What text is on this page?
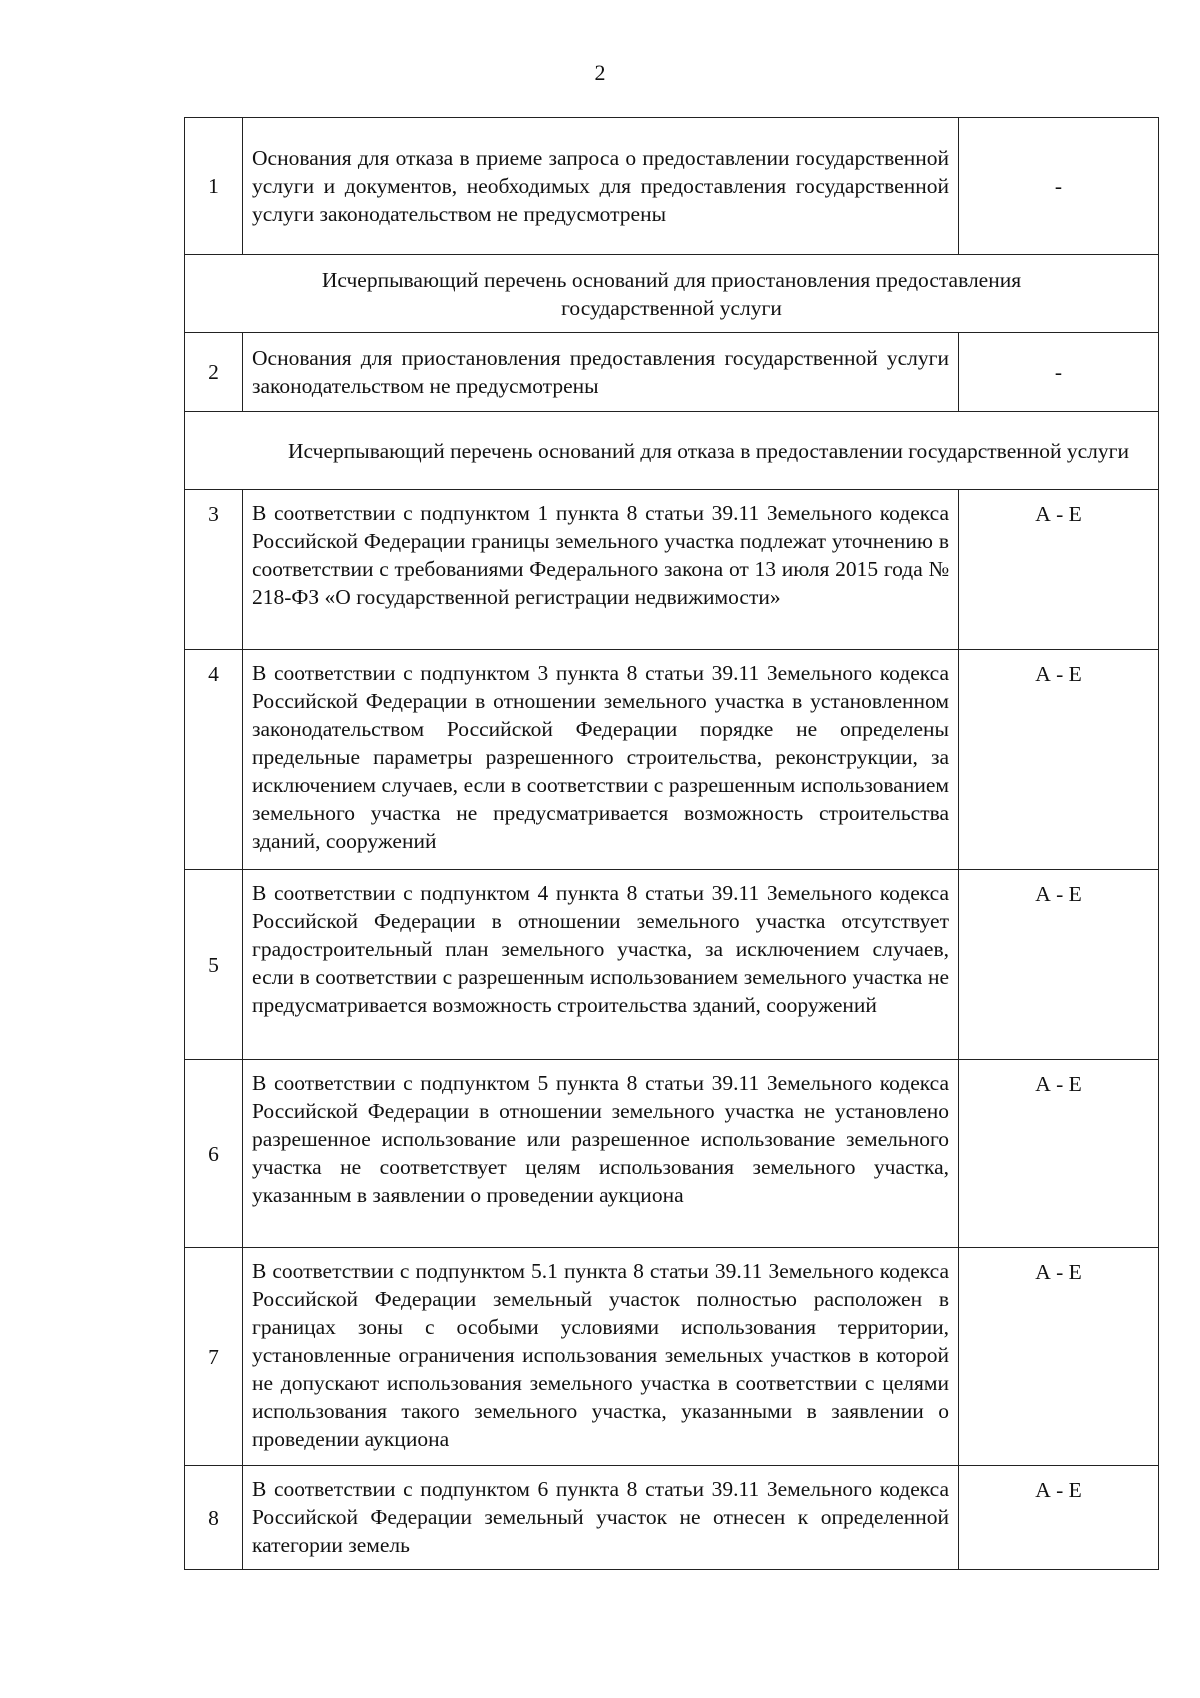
2
1	Основания для отказа в приеме запроса о предоставлении государственной услуги и документов, необходимых для предоставления государственной услуги законодательством не предусмотрены	-
Исчерпывающий перечень оснований для приостановления предоставления государственной услуги		
2	Основания для приостановления предоставления государственной услуги законодательством не предусмотрены	-
Исчерпывающий перечень оснований для отказа в предоставлении государственной услуги		
3	В соответствии с подпунктом 1 пункта 8 статьи 39.11 Земельного кодекса Российской Федерации границы земельного участка подлежат уточнению в соответствии с требованиями Федерального закона от 13 июля 2015 года № 218-ФЗ «О государственной регистрации недвижимости»	А - Е
4	В соответствии с подпунктом 3 пункта 8 статьи 39.11 Земельного кодекса Российской Федерации в отношении земельного участка в установленном законодательством Российской Федерации порядке не определены предельные параметры разрешенного строительства, реконструкции, за исключением случаев, если в соответствии с разрешенным использованием земельного участка не предусматривается возможность строительства зданий, сооружений	А - Е
5	В соответствии с подпунктом 4 пункта 8 статьи 39.11 Земельного кодекса Российской Федерации в отношении земельного участка отсутствует градостроительный план земельного участка, за исключением случаев, если в соответствии с разрешенным использованием земельного участка не предусматривается возможность строительства зданий, сооружений	А - Е
6	В соответствии с подпунктом 5 пункта 8 статьи 39.11 Земельного кодекса Российской Федерации в отношении земельного участка не установлено разрешенное использование или разрешенное использование земельного участка не соответствует целям использования земельного участка, указанным в заявлении о проведении аукциона	А - Е
7	В соответствии с подпунктом 5.1 пункта 8 статьи 39.11 Земельного кодекса Российской Федерации земельный участок полностью расположен в границах зоны с особыми условиями использования территории, установленные ограничения использования земельных участков в которой не допускают использования земельного участка в соответствии с целями использования такого земельного участка, указанными в заявлении о проведении аукциона	А - Е
8	В соответствии с подпунктом 6 пункта 8 статьи 39.11 Земельного кодекса Российской Федерации земельный участок не отнесен к определенной категории земель	А - Е
